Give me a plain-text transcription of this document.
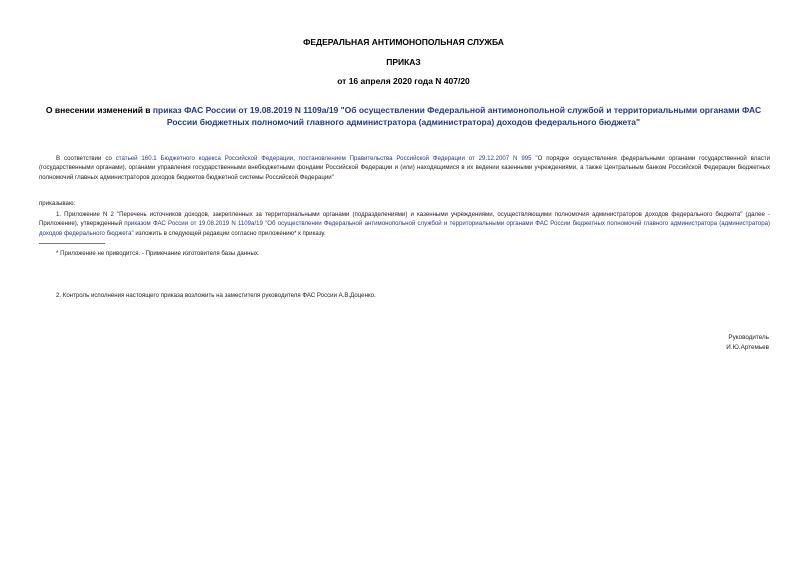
ФЕДЕРАЛЬНАЯ АНТИМОНОПОЛЬНАЯ СЛУЖБА
ПРИКАЗ
от 16 апреля 2020 года N 407/20
О внесении изменений в приказ ФАС России от 19.08.2019 N 1109а/19 "Об осуществлении Федеральной антимонопольной службой и территориальными органами ФАС России бюджетных полномочий главного администратора (администратора) доходов федерального бюджета"
В соответствии со статьей 160.1 Бюджетного кодекса Российской Федерации, постановлением Правительства Российской Федерации от 29.12.2007 N 995 "О порядке осуществления федеральными органами государственной власти (государственными органами), органами управления государственными внебюджетными фондами Российской Федерации и (или) находящимися в их ведении казенными учреждениями, а также Центральным банком Российской Федерации бюджетных полномочий главных администраторов доходов бюджетов бюджетной системы Российской Федерации"
приказываю:
1. Приложение N 2 "Перечень источников доходов, закрепленных за территориальными органами (подразделениями) и казенными учреждениями, осуществляющими полномочия администраторов доходов федерального бюджета" (далее - Приложение), утвержденный приказом ФАС России от 19.08.2019 N 1109а/19 "Об осуществлении Федеральной антимонопольной службой и территориальными органами ФАС России бюджетных полномочий главного администратора (администратора) доходов федерального бюджета" изложить в следующей редакции согласно приложению* к приказу.
* Приложение не приводится. - Примечание изготовителя базы данных.
2. Контроль исполнения настоящего приказа возложить на заместителя руководителя ФАС России А.В.Доценко.
Руководитель
И.Ю.Артемьев
